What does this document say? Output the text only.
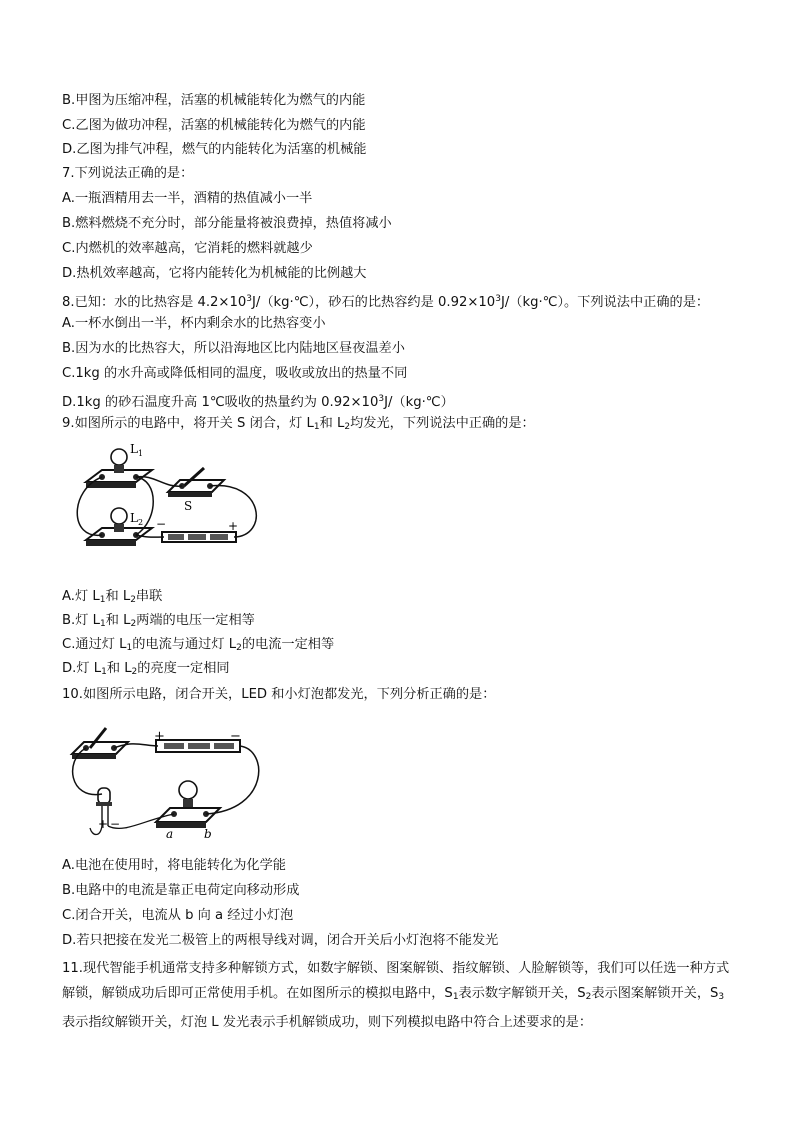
B.甲图为压缩冲程，活塞的机械能转化为燃气的内能
C.乙图为做功冲程，活塞的机械能转化为燃气的内能
D.乙图为排气冲程，燃气的内能转化为活塞的机械能
7.下列说法正确的是：
A.一瓶酒精用去一半，酒精的热值减小一半
B.燃料燃烧不充分时，部分能量将被浪费掉，热值将减小
C.内燃机的效率越高，它消耗的燃料就越少
D.热机效率越高，它将内能转化为机械能的比例越大
8.已知：水的比热容是 $4.2\times 10^3J/(kg\cdot℃)$，砂石的比热容约是 $0.92\times 10^3J/(kg\cdot℃)$。下列说法中正确的是：
A.一杯水倒出一半，杯内剩余水的比热容变小
B.因为水的比热容大，所以沿海地区比内陆地区昼夜温差小
C.1kg 的水升高或降低相同的温度，吸收或放出的热量不同
D.1kg 的砂石温度升高 1℃吸收的热量约为 $0.92\times 10^3J/(kg\cdot℃)$
9.如图所示的电路中，将开关 S 闭合，灯 $L_1$和 $L_2$均发光，下列说法中正确的是：
$L_1$
$L_2$
S
−	+
A.灯 $L_1$和 $L_2$串联
B.灯 $L_1$和 $L_2$两端的电压一定相等
C.通过灯 $L_1$的电流与通过灯 $L_2$的电流一定相等
D.灯 $L_1$和 $L_2$的亮度一定相同
10.如图所示电路，闭合开关，LED 和小灯泡都发光，下列分析正确的是：
+	−
+ −
a	b
A.电池在使用时，将电能转化为化学能
B.电路中的电流是靠正电荷定向移动形成
C.闭合开关，电流从 b 向 a 经过小灯泡
D.若只把接在发光二极管上的两根导线对调，闭合开关后小灯泡将不能发光
11.现代智能手机通常支持多种解锁方式，如数字解锁、图案解锁、指纹解锁、人脸解锁等，我们可以任选一种方式解锁，解锁成功后即可正常使用手机。在如图所示的模拟电路中，$S_1$表示数字解锁开关，$S_2$表示图案解锁开关，$S_3$表示指纹解锁开关，灯泡 L 发光表示手机解锁成功，则下列模拟电路中符合上述要求的是：
